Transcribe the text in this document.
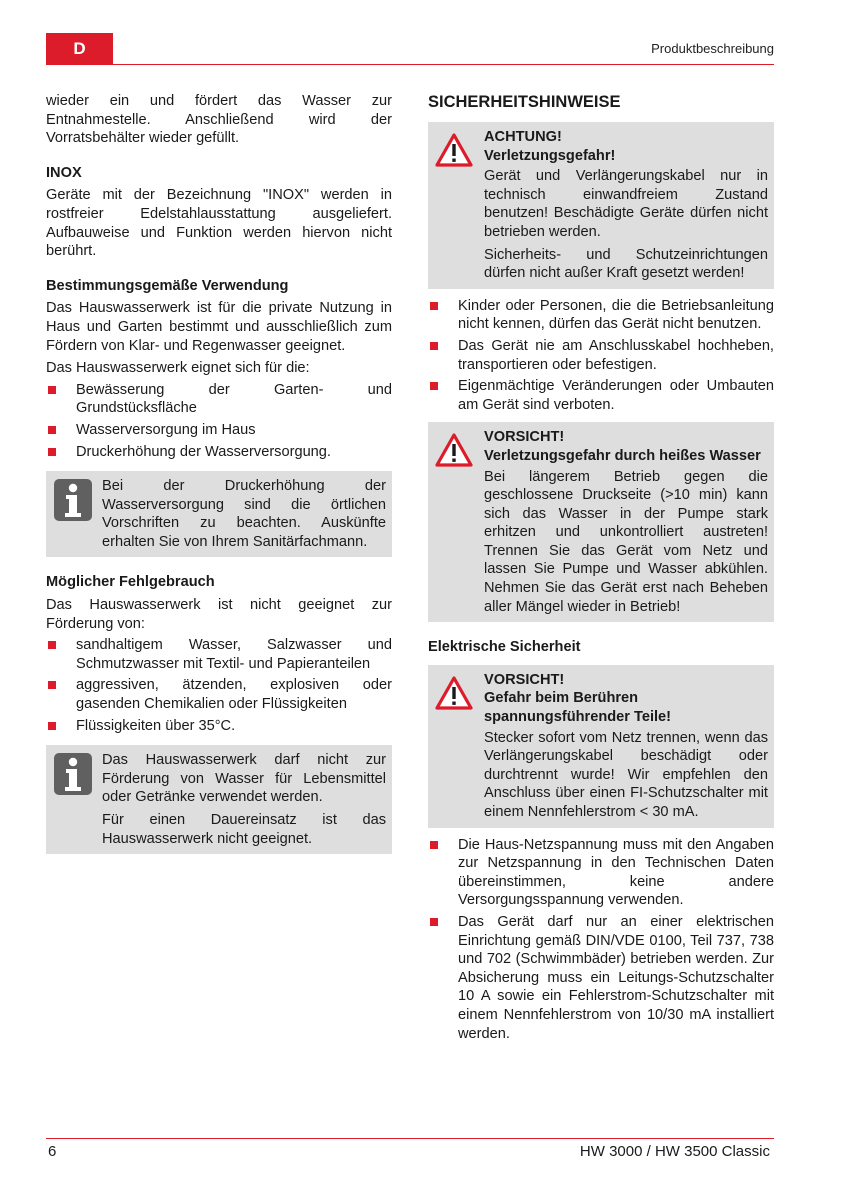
D	Produktbeschreibung

wieder ein und fördert das Wasser zur Entnahmestelle. Anschließend wird der Vorratsbehälter wieder gefüllt.

INOX

Geräte mit der Bezeichnung "INOX" werden in rostfreier Edelstahlausstattung ausgeliefert. Aufbauweise und Funktion werden hiervon nicht berührt.

Bestimmungsgemäße Verwendung

Das Hauswasserwerk ist für die private Nutzung in Haus und Garten bestimmt und ausschließlich zum Fördern von Klar- und Regenwasser geeignet.

Das Hauswasserwerk eignet sich für die:

Bewässerung der Garten- und Grundstücksfläche
Wasserversorgung im Haus
Druckerhöhung der Wasserversorgung.

Bei der Druckerhöhung der Wasserversorgung sind die örtlichen Vorschriften zu beachten. Auskünfte erhalten Sie von Ihrem Sanitärfachmann.

Möglicher Fehlgebrauch

Das Hauswasserwerk ist nicht geeignet zur Förderung von:

sandhaltigem Wasser, Salzwasser und Schmutzwasser mit Textil- und Papieranteilen
aggressiven, ätzenden, explosiven oder gasenden Chemikalien oder Flüssigkeiten
Flüssigkeiten über 35°C.

Das Hauswasserwerk darf nicht zur Förderung von Wasser für Lebensmittel oder Getränke verwendet werden.

Für einen Dauereinsatz ist das Hauswasserwerk nicht geeignet.

SICHERHEITSHINWEISE

ACHTUNG!

Verletzungsgefahr!

Gerät und Verlängerungskabel nur in technisch einwandfreiem Zustand benutzen! Beschädigte Geräte dürfen nicht betrieben werden.

Sicherheits- und Schutzeinrichtungen dürfen nicht außer Kraft gesetzt werden!

Kinder oder Personen, die die Betriebsanleitung nicht kennen, dürfen das Gerät nicht benutzen.
Das Gerät nie am Anschlusskabel hochheben, transportieren oder befestigen.
Eigenmächtige Veränderungen oder Umbauten am Gerät sind verboten.

VORSICHT!

Verletzungsgefahr durch heißes Wasser

Bei längerem Betrieb gegen die geschlossene Druckseite (>10 min) kann sich das Wasser in der Pumpe stark erhitzen und unkontrolliert austreten! Trennen Sie das Gerät vom Netz und lassen Sie Pumpe und Wasser abkühlen. Nehmen Sie das Gerät erst nach Beheben aller Mängel wieder in Betrieb!

Elektrische Sicherheit

VORSICHT!

Gefahr beim Berühren spannungsführender Teile!

Stecker sofort vom Netz trennen, wenn das Verlängerungskabel beschädigt oder durchtrennt wurde! Wir empfehlen den Anschluss über einen FI-Schutzschalter mit einem Nennfehlerstrom < 30 mA.

Die Haus-Netzspannung muss mit den Angaben zur Netzspannung in den Technischen Daten übereinstimmen, keine andere Versorgungsspannung verwenden.
Das Gerät darf nur an einer elektrischen Einrichtung gemäß DIN/VDE 0100, Teil 737, 738 und 702 (Schwimmbäder) betrieben werden. Zur Absicherung muss ein Leitungs-Schutzschalter 10 A sowie ein Fehlerstrom-Schutzschalter mit einem Nennfehlerstrom von 10/30 mA installiert werden.
6	HW 3000 / HW 3500 Classic
